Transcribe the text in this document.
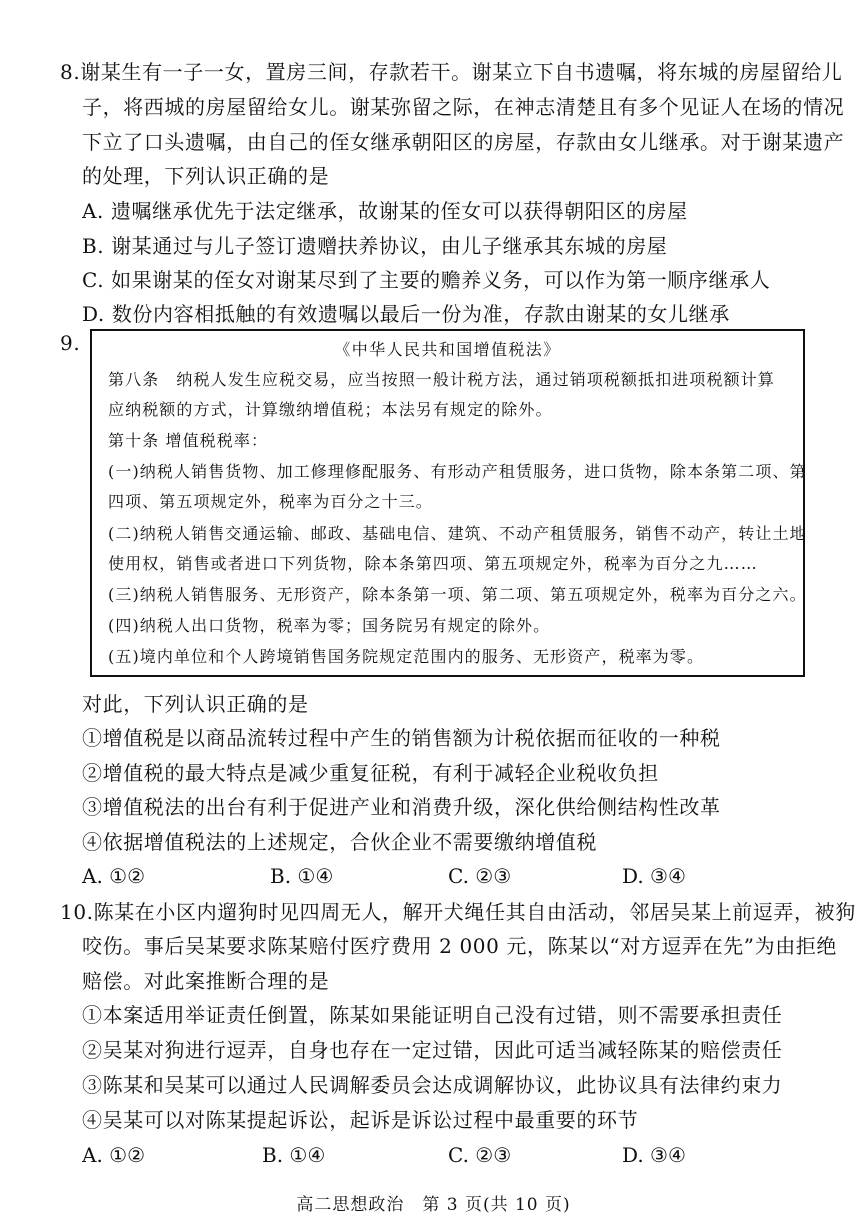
8.谢某生有一子一女，置房三间，存款若干。谢某立下自书遗嘱，将东城的房屋留给儿
子，将西城的房屋留给女儿。谢某弥留之际，在神志清楚且有多个见证人在场的情况
下立了口头遗嘱，由自己的侄女继承朝阳区的房屋，存款由女儿继承。对于谢某遗产
的处理，下列认识正确的是
A. 遗嘱继承优先于法定继承，故谢某的侄女可以获得朝阳区的房屋
B. 谢某通过与儿子签订遗赠扶养协议，由儿子继承其东城的房屋
C. 如果谢某的侄女对谢某尽到了主要的赡养义务，可以作为第一顺序继承人
D. 数份内容相抵触的有效遗嘱以最后一份为准，存款由谢某的女儿继承
9.	《中华人民共和国增值税法》
第八条　纳税人发生应税交易，应当按照一般计税方法，通过销项税额抵扣进项税额计算
应纳税额的方式，计算缴纳增值税；本法另有规定的除外。
第十条 增值税税率：
(一)纳税人销售货物、加工修理修配服务、有形动产租赁服务，进口货物，除本条第二项、第
四项、第五项规定外，税率为百分之十三。
(二)纳税人销售交通运输、邮政、基础电信、建筑、不动产租赁服务，销售不动产，转让土地
使用权，销售或者进口下列货物，除本条第四项、第五项规定外，税率为百分之九……
(三)纳税人销售服务、无形资产，除本条第一项、第二项、第五项规定外，税率为百分之六。
(四)纳税人出口货物，税率为零；国务院另有规定的除外。
(五)境内单位和个人跨境销售国务院规定范围内的服务、无形资产，税率为零。
对此，下列认识正确的是
①增值税是以商品流转过程中产生的销售额为计税依据而征收的一种税
②增值税的最大特点是减少重复征税，有利于减轻企业税收负担
③增值税法的出台有利于促进产业和消费升级，深化供给侧结构性改革
④依据增值税法的上述规定，合伙企业不需要缴纳增值税
A. ①②	B. ①④	C. ②③	D. ③④
10.陈某在小区内遛狗时见四周无人，解开犬绳任其自由活动，邻居吴某上前逗弄，被狗
咬伤。事后吴某要求陈某赔付医疗费用 2 000 元，陈某以“对方逗弄在先”为由拒绝
赔偿。对此案推断合理的是
①本案适用举证责任倒置，陈某如果能证明自己没有过错，则不需要承担责任
②吴某对狗进行逗弄，自身也存在一定过错，因此可适当减轻陈某的赔偿责任
③陈某和吴某可以通过人民调解委员会达成调解协议，此协议具有法律约束力
④吴某可以对陈某提起诉讼，起诉是诉讼过程中最重要的环节
A. ①②	B. ①④	C. ②③	D. ③④
高二思想政治　第 3 页(共 10 页)
